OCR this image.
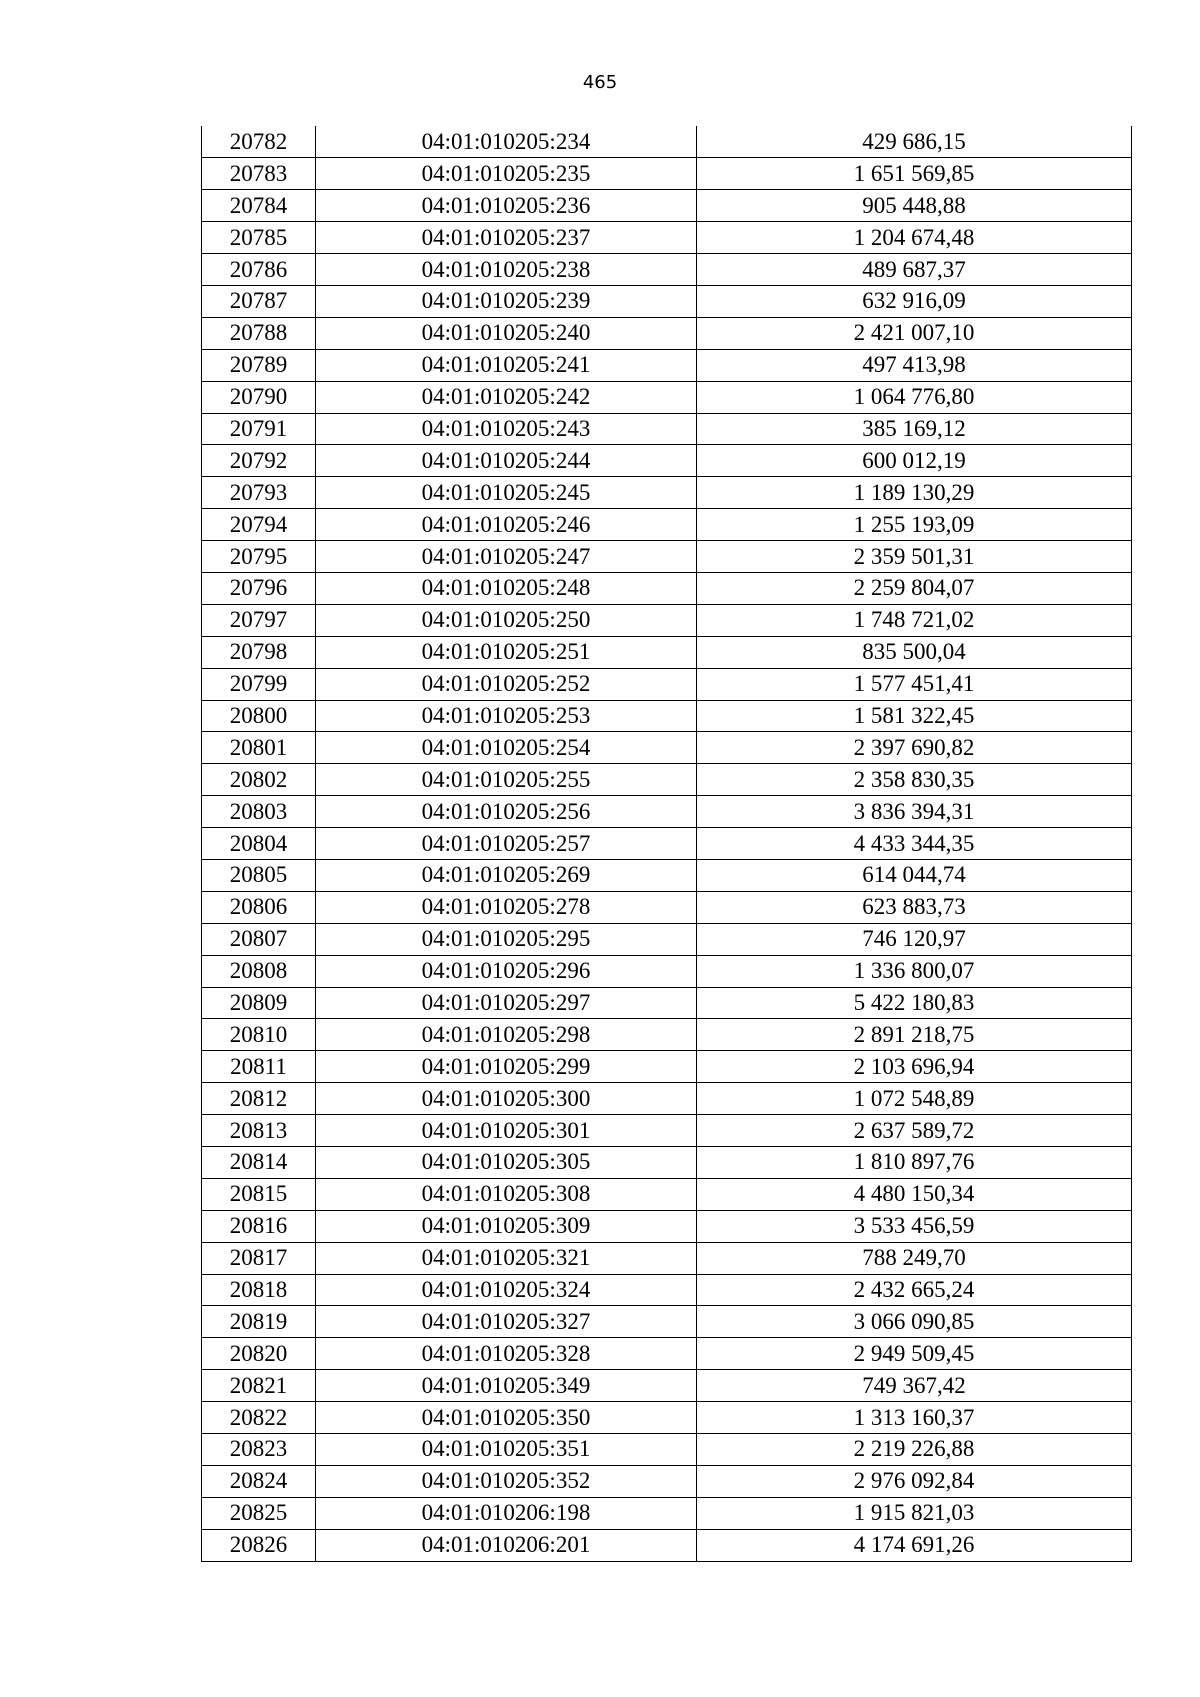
465
20782	04:01:010205:234	429 686,15
20783	04:01:010205:235	1 651 569,85
20784	04:01:010205:236	905 448,88
20785	04:01:010205:237	1 204 674,48
20786	04:01:010205:238	489 687,37
20787	04:01:010205:239	632 916,09
20788	04:01:010205:240	2 421 007,10
20789	04:01:010205:241	497 413,98
20790	04:01:010205:242	1 064 776,80
20791	04:01:010205:243	385 169,12
20792	04:01:010205:244	600 012,19
20793	04:01:010205:245	1 189 130,29
20794	04:01:010205:246	1 255 193,09
20795	04:01:010205:247	2 359 501,31
20796	04:01:010205:248	2 259 804,07
20797	04:01:010205:250	1 748 721,02
20798	04:01:010205:251	835 500,04
20799	04:01:010205:252	1 577 451,41
20800	04:01:010205:253	1 581 322,45
20801	04:01:010205:254	2 397 690,82
20802	04:01:010205:255	2 358 830,35
20803	04:01:010205:256	3 836 394,31
20804	04:01:010205:257	4 433 344,35
20805	04:01:010205:269	614 044,74
20806	04:01:010205:278	623 883,73
20807	04:01:010205:295	746 120,97
20808	04:01:010205:296	1 336 800,07
20809	04:01:010205:297	5 422 180,83
20810	04:01:010205:298	2 891 218,75
20811	04:01:010205:299	2 103 696,94
20812	04:01:010205:300	1 072 548,89
20813	04:01:010205:301	2 637 589,72
20814	04:01:010205:305	1 810 897,76
20815	04:01:010205:308	4 480 150,34
20816	04:01:010205:309	3 533 456,59
20817	04:01:010205:321	788 249,70
20818	04:01:010205:324	2 432 665,24
20819	04:01:010205:327	3 066 090,85
20820	04:01:010205:328	2 949 509,45
20821	04:01:010205:349	749 367,42
20822	04:01:010205:350	1 313 160,37
20823	04:01:010205:351	2 219 226,88
20824	04:01:010205:352	2 976 092,84
20825	04:01:010206:198	1 915 821,03
20826	04:01:010206:201	4 174 691,26
